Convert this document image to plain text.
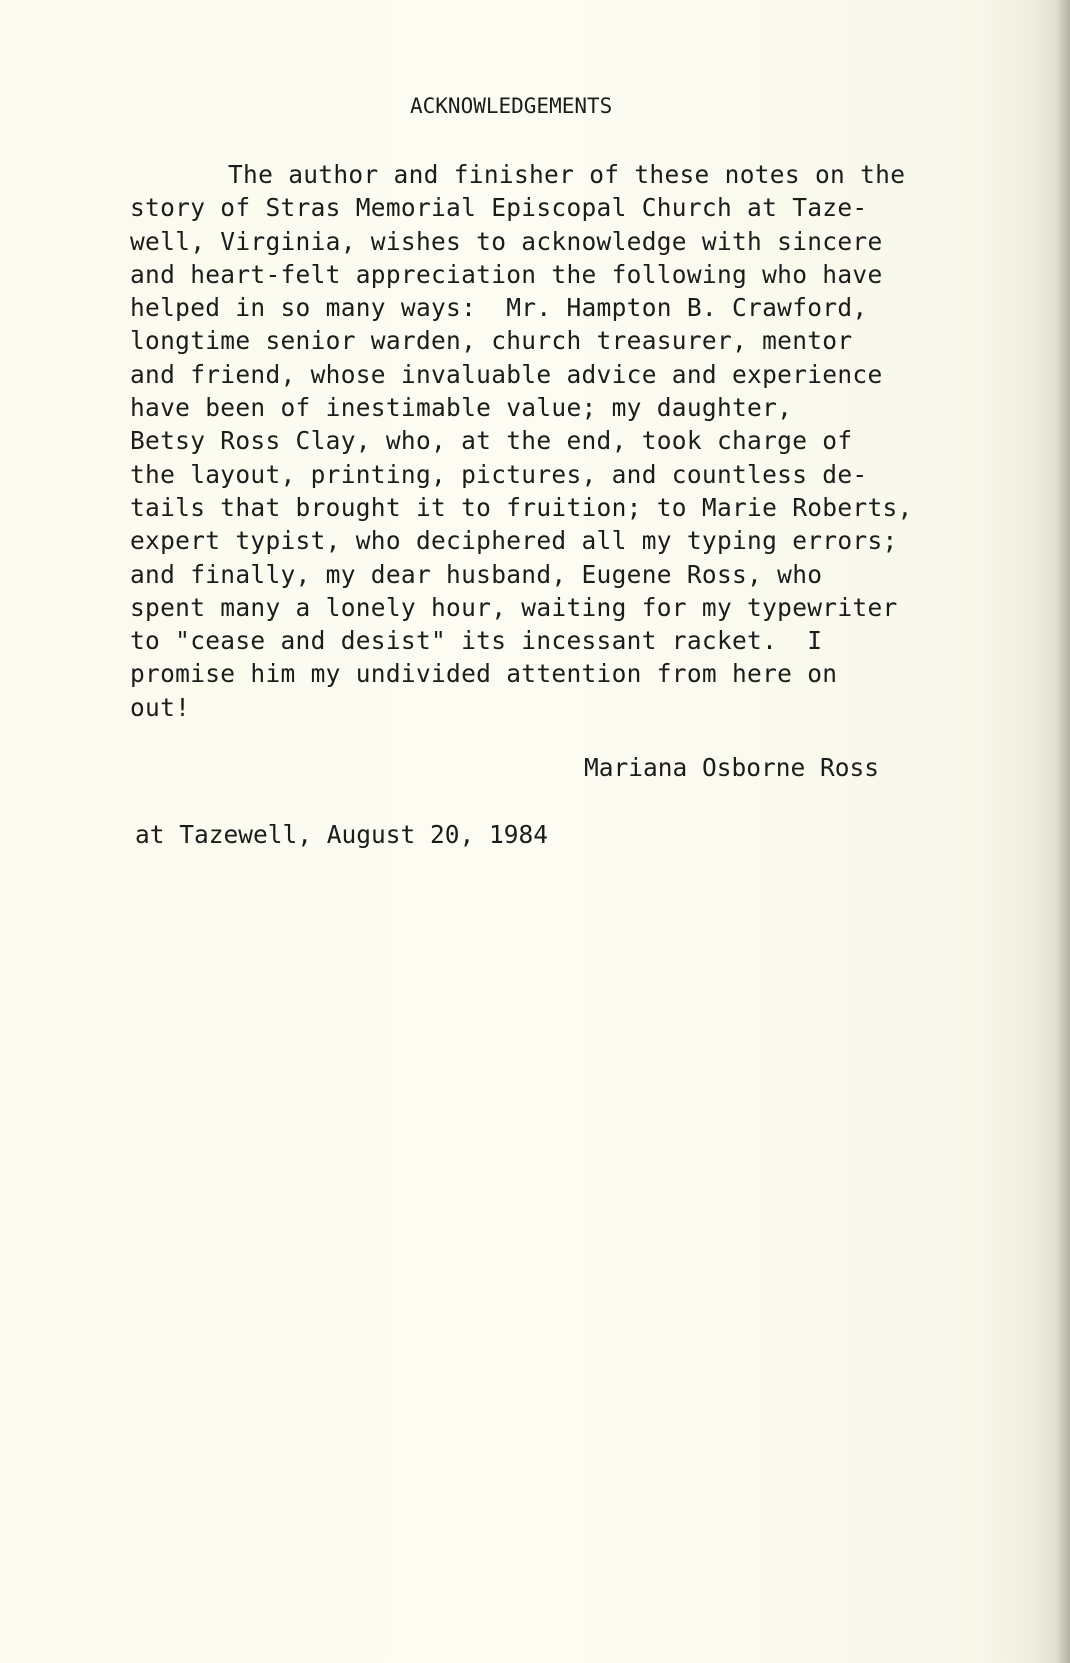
ACKNOWLEDGEMENTS
The author and finisher of these notes on the
story of Stras Memorial Episcopal Church at Taze-
well, Virginia, wishes to acknowledge with sincere
and heart-felt appreciation the following who have
helped in so many ways:  Mr. Hampton B. Crawford,
longtime senior warden, church treasurer, mentor
and friend, whose invaluable advice and experience
have been of inestimable value; my daughter,
Betsy Ross Clay, who, at the end, took charge of
the layout, printing, pictures, and countless de-
tails that brought it to fruition; to Marie Roberts,
expert typist, who deciphered all my typing errors;
and finally, my dear husband, Eugene Ross, who
spent many a lonely hour, waiting for my typewriter
to "cease and desist" its incessant racket.  I
promise him my undivided attention from here on
out!
Mariana Osborne Ross
at Tazewell, August 20, 1984
